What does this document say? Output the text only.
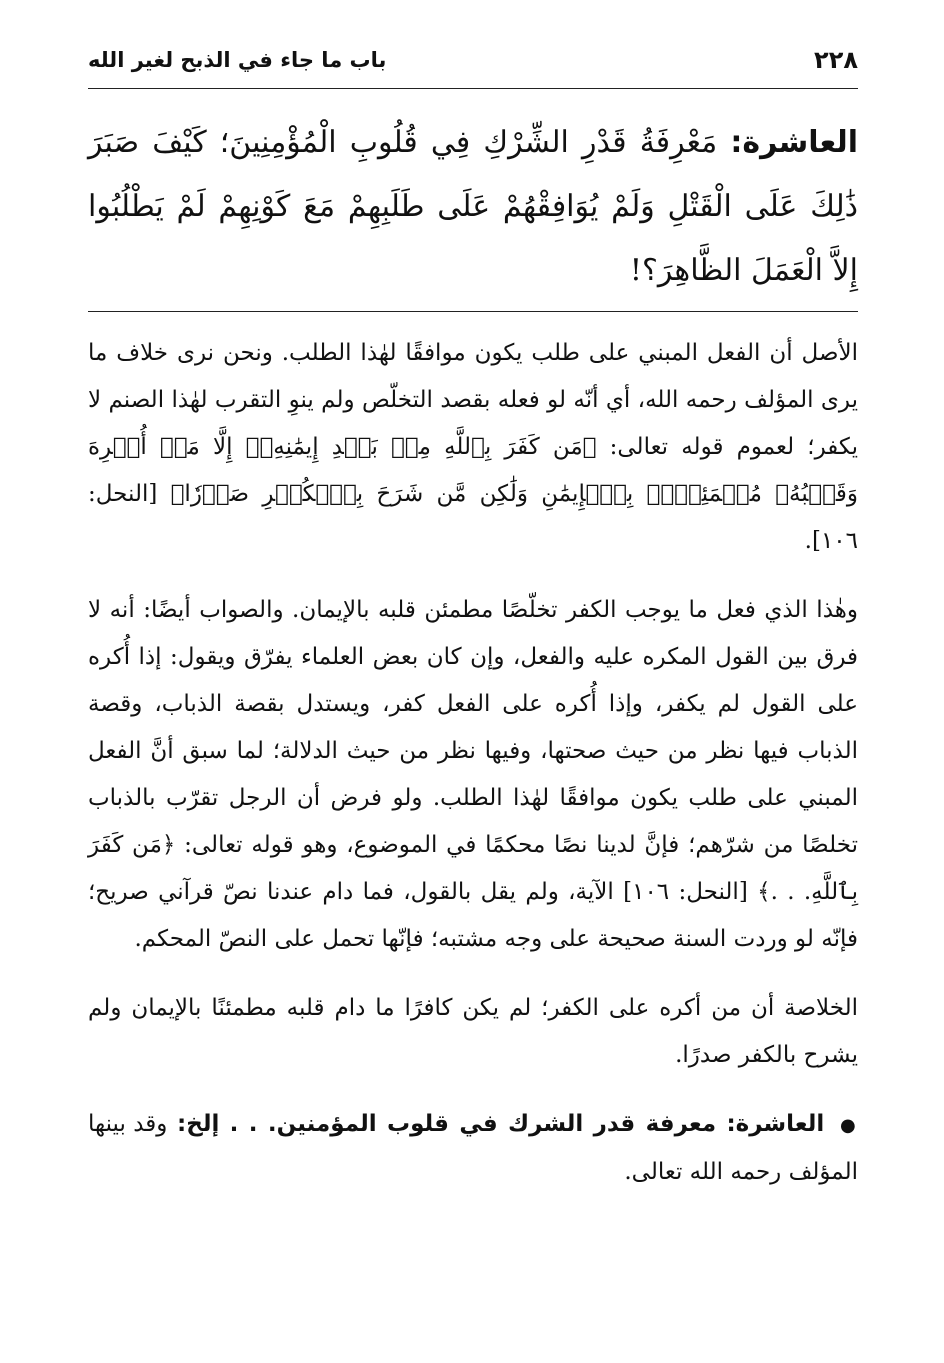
٢٢٨
باب ما جاء في الذبح لغير الله
العاشرة: مَعْرِفَةُ قَدْرِ الشِّرْكِ فِي قُلُوبِ الْمُؤْمِنِينَ؛ كَيْفَ صَبَرَ ذَٰلِكَ عَلَى الْقَتْلِ وَلَمْ يُوَافِقْهُمْ عَلَى طَلَبِهِمْ مَعَ كَوْنِهِمْ لَمْ يَطْلُبُوا إِلاَّ الْعَمَلَ الظَّاهِرَ؟!

الأصل أن الفعل المبني على طلب يكون موافقًا لهٰذا الطلب. ونحن نرى خلاف ما يرى المؤلف رحمه الله، أي أنّه لو فعله بقصد التخلّص ولم ينوِ التقرب لهٰذا الصنم لا يكفر؛ لعموم قوله تعالى: ﴿مَن كَفَرَ بِٱللَّهِ مِنۢ بَعۡدِ إِيمَٰنِهِۦٓ إِلَّا مَنۡ أُكۡرِهَ وَقَلۡبُهُۥ مُطۡمَئِنُّۢ بِٱلۡإِيمَٰنِ وَلَٰكِن مَّن شَرَحَ بِٱلۡكُفۡرِ صَدۡرٗا﴾ [النحل: ١٠٦].

وهٰذا الذي فعل ما يوجب الكفر تخلّصًا مطمئن قلبه بالإيمان. والصواب أيضًا: أنه لا فرق بين القول المكره عليه والفعل، وإن كان بعض العلماء يفرّق ويقول: إذا أُكره على القول لم يكفر، وإذا أُكره على الفعل كفر، ويستدل بقصة الذباب، وقصة الذباب فيها نظر من حيث صحتها، وفيها نظر من حيث الدلالة؛ لما سبق أنَّ الفعل المبني على طلب يكون موافقًا لهٰذا الطلب. ولو فرض أن الرجل تقرّب بالذباب تخلصًا من شرّهم؛ فإنَّ لدينا نصًا محكمًا في الموضوع، وهو قوله تعالى: ﴿مَن كَفَرَ بِٱللَّهِ. . .﴾ [النحل: ١٠٦] الآية، ولم يقل بالقول، فما دام عندنا نصّ قرآني صريح؛ فإنّه لو وردت السنة صحيحة على وجه مشتبه؛ فإنّها تحمل على النصّ المحكم.

الخلاصة أن من أكره على الكفر؛ لم يكن كافرًا ما دام قلبه مطمئنًا بالإيمان ولم يشرح بالكفر صدرًا.

● العاشرة: معرفة قدر الشرك في قلوب المؤمنين. . . إلخ: وقد بينها المؤلف رحمه الله تعالى.
